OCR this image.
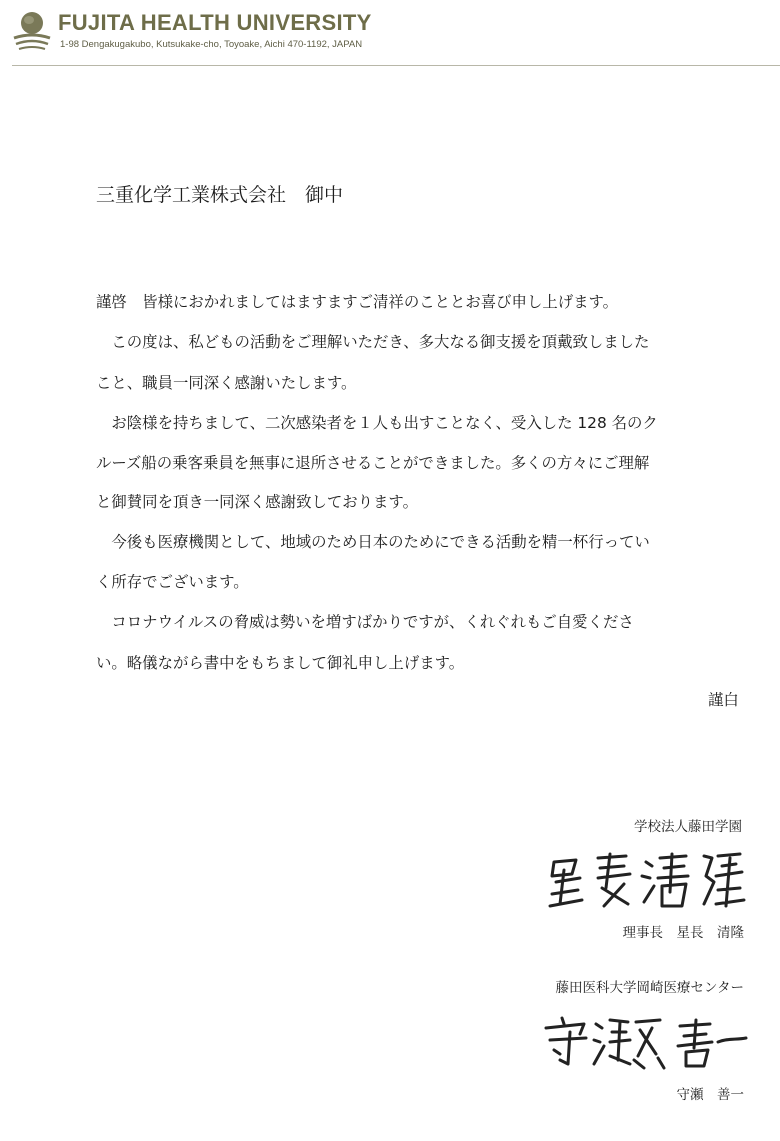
FUJITA HEALTH UNIVERSITY
1-98 Dengakugakubo, Kutsukake-cho, Toyoake, Aichi 470-1192, JAPAN
三重化学工業株式会社　御中
謹啓　皆様におかれましてはますますご清祥のこととお喜び申し上げます。
　この度は、私どもの活動をご理解いただき、多大なる御支援を頂戴致しました
こと、職員一同深く感謝いたします。
　お陰様を持ちまして、二次感染者を１人も出すことなく、受入した 128 名のク
ルーズ船の乗客乗員を無事に退所させることができました。多くの方々にご理解
と御賛同を頂き一同深く感謝致しております。
　今後も医療機関として、地域のため日本のためにできる活動を精一杯行ってい
く所存でございます。
　コロナウイルスの脅威は勢いを増すばかりですが、くれぐれもご自愛くださ
い。略儀ながら書中をもちまして御礼申し上げます。
謹白
学校法人藤田学園
理事長　星長　清隆
藤田医科大学岡崎医療センター
守瀬　善一
